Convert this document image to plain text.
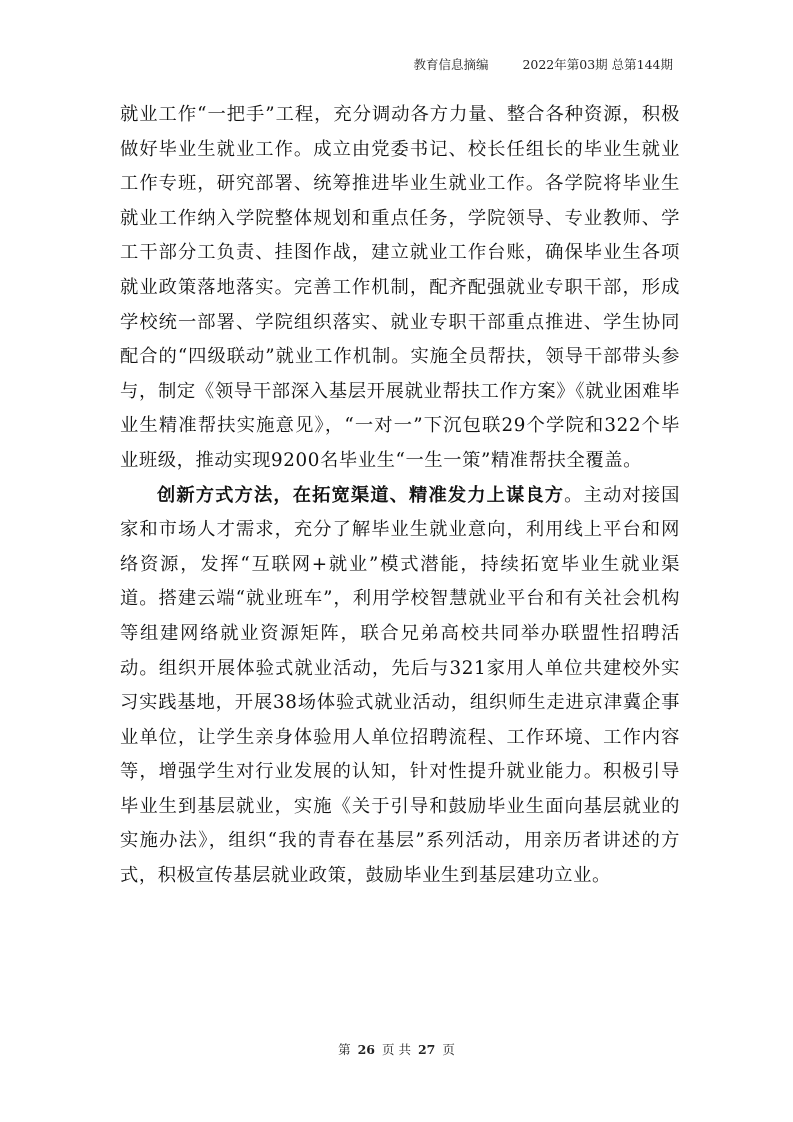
教育信息摘编	2022年第03期 总第144期

就业工作“一把手”工程，充分调动各方力量、整合各种资源，积极做好毕业生就业工作。成立由党委书记、校长任组长的毕业生就业工作专班，研究部署、统筹推进毕业生就业工作。各学院将毕业生就业工作纳入学院整体规划和重点任务，学院领导、专业教师、学工干部分工负责、挂图作战，建立就业工作台账，确保毕业生各项就业政策落地落实。完善工作机制，配齐配强就业专职干部，形成学校统一部署、学院组织落实、就业专职干部重点推进、学生协同配合的“四级联动”就业工作机制。实施全员帮扶，领导干部带头参与，制定《领导干部深入基层开展就业帮扶工作方案》《就业困难毕业生精准帮扶实施意见》，“一对一”下沉包联29个学院和322个毕业班级，推动实现9200名毕业生“一生一策”精准帮扶全覆盖。

创新方式方法，在拓宽渠道、精准发力上谋良方。主动对接国家和市场人才需求，充分了解毕业生就业意向，利用线上平台和网络资源，发挥“互联网+就业”模式潜能，持续拓宽毕业生就业渠道。搭建云端“就业班车”，利用学校智慧就业平台和有关社会机构等组建网络就业资源矩阵，联合兄弟高校共同举办联盟性招聘活动。组织开展体验式就业活动，先后与321家用人单位共建校外实习实践基地，开展38场体验式就业活动，组织师生走进京津冀企事业单位，让学生亲身体验用人单位招聘流程、工作环境、工作内容等，增强学生对行业发展的认知，针对性提升就业能力。积极引导毕业生到基层就业，实施《关于引导和鼓励毕业生面向基层就业的实施办法》，组织“我的青春在基层”系列活动，用亲历者讲述的方式，积极宣传基层就业政策，鼓励毕业生到基层建功立业。

第 26 页 共 27 页
